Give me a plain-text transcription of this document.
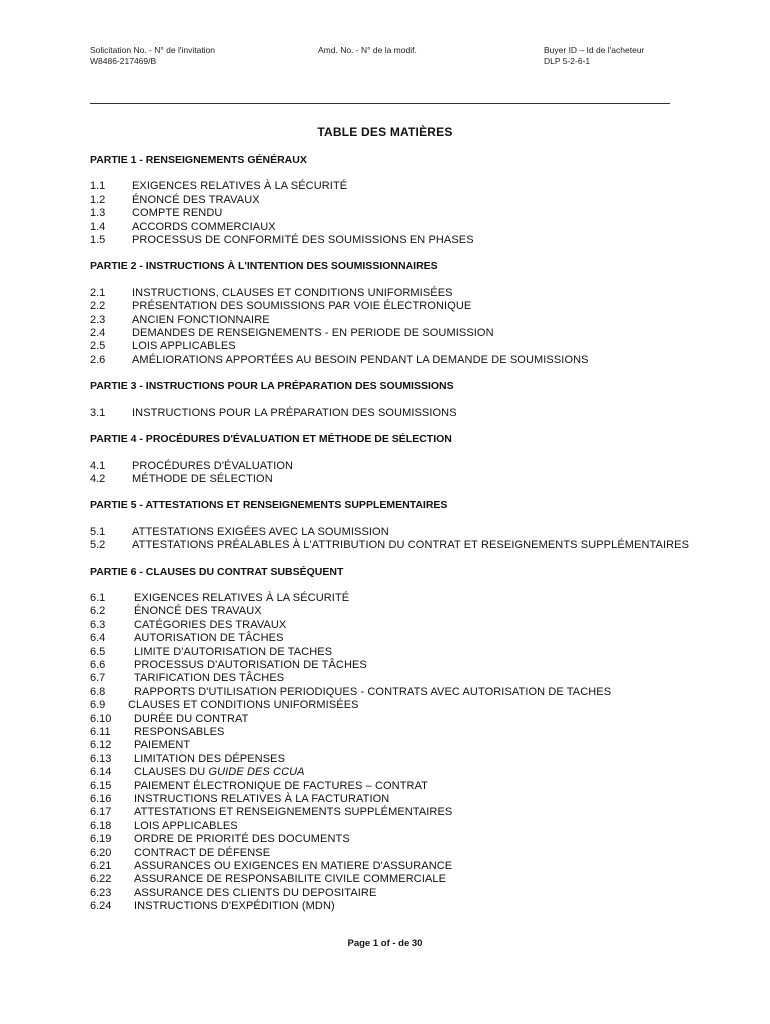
Solicitation No. - N° de l'invitation
W8486-217469/B
Amd. No. - N° de la modif.	Buyer ID – Id de l'acheteur
DLP 5-2-6-1
TABLE DES MATIÈRES
PARTIE 1 - RENSEIGNEMENTS GÉNÉRAUX
1.1	EXIGENCES RELATIVES À LA SÉCURITÉ
1.2	ÉNONCÉ DES TRAVAUX
1.3	COMPTE RENDU
1.4	ACCORDS COMMERCIAUX
1.5	PROCESSUS DE CONFORMITÉ DES SOUMISSIONS EN PHASES
PARTIE 2 - INSTRUCTIONS À L'INTENTION DES SOUMISSIONNAIRES
2.1	INSTRUCTIONS, CLAUSES ET CONDITIONS UNIFORMISÉES
2.2	PRÉSENTATION DES SOUMISSIONS PAR VOIE ÉLECTRONIQUE
2.3	ANCIEN FONCTIONNAIRE
2.4	DEMANDES DE RENSEIGNEMENTS - EN PERIODE DE SOUMISSION
2.5	LOIS APPLICABLES
2.6	AMÉLIORATIONS APPORTÉES AU BESOIN PENDANT LA DEMANDE DE SOUMISSIONS
PARTIE 3 - INSTRUCTIONS POUR LA PRÉPARATION DES SOUMISSIONS
3.1	INSTRUCTIONS POUR LA PRÉPARATION DES SOUMISSIONS
PARTIE 4 - PROCÉDURES D'ÉVALUATION ET MÉTHODE DE SÉLECTION
4.1	PROCÉDURES D'ÉVALUATION
4.2	MÉTHODE DE SÉLECTION
PARTIE 5 - ATTESTATIONS ET RENSEIGNEMENTS SUPPLEMENTAIRES
5.1	ATTESTATIONS EXIGÉES AVEC LA SOUMISSION
5.2	ATTESTATIONS PRÉALABLES À L'ATTRIBUTION DU CONTRAT ET RESEIGNEMENTS SUPPLÉMENTAIRES
PARTIE 6 - CLAUSES DU CONTRAT SUBSÉQUENT
6.1	EXIGENCES RELATIVES À LA SÉCURITÉ
6.2	ÉNONCÉ DES TRAVAUX
6.3	CATÉGORIES DES TRAVAUX
6.4	AUTORISATION DE TÂCHES
6.5	LIMITE D'AUTORISATION DE TACHES
6.6	PROCESSUS D'AUTORISATION DE TÂCHES
6.7	TARIFICATION DES TÂCHES
6.8	RAPPORTS D'UTILISATION PERIODIQUES - CONTRATS AVEC AUTORISATION DE TACHES
6.9	CLAUSES ET CONDITIONS UNIFORMISÉES
6.10	DURÉE DU CONTRAT
6.11	RESPONSABLES
6.12	PAIEMENT
6.13	LIMITATION DES DÉPENSES
6.14	CLAUSES DU GUIDE DES CCUA
6.15	PAIEMENT ÉLECTRONIQUE DE FACTURES – CONTRAT
6.16	INSTRUCTIONS RELATIVES À LA FACTURATION
6.17	ATTESTATIONS ET RENSEIGNEMENTS SUPPLÉMENTAIRES
6.18	LOIS APPLICABLES
6.19	ORDRE DE PRIORITÉ DES DOCUMENTS
6.20	CONTRACT DE DÉFENSE
6.21	ASSURANCES OU EXIGENCES EN MATIERE D'ASSURANCE
6.22	ASSURANCE DE RESPONSABILITE CIVILE COMMERCIALE
6.23	ASSURANCE DES CLIENTS DU DEPOSITAIRE
6.24	INSTRUCTIONS D'EXPÉDITION (MDN)
Page 1 of - de 30
